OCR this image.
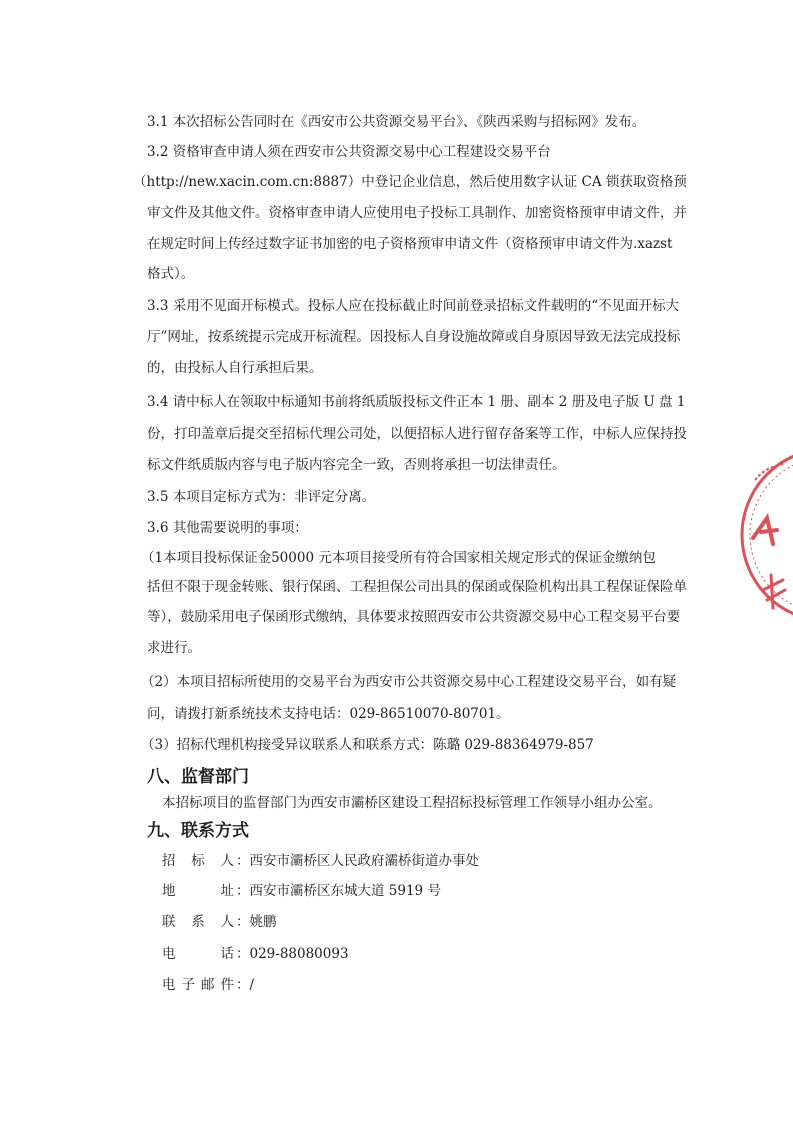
3.1 本次招标公告同时在《西安市公共资源交易平台》、《陕西采购与招标网》发布。

3.2 资格审查申请人须在西安市公共资源交易中心工程建设交易平台

（http://new.xacin.com.cn:8887）中登记企业信息，然后使用数字认证 CA 锁获取资格预

审文件及其他文件。资格审查申请人应使用电子投标工具制作、加密资格预审申请文件，并

在规定时间上传经过数字证书加密的电子资格预审申请文件（资格预审申请文件为.xazst

格式）。

3.3 采用不见面开标模式。投标人应在投标截止时间前登录招标文件载明的“不见面开标大

厅”网址，按系统提示完成开标流程。因投标人自身设施故障或自身原因导致无法完成投标

的，由投标人自行承担后果。

3.4 请中标人在领取中标通知书前将纸质版投标文件正本 1 册、副本 2 册及电子版 U 盘 1

份，打印盖章后提交至招标代理公司处，以便招标人进行留存备案等工作，中标人应保持投

标文件纸质版内容与电子版内容完全一致，否则将承担一切法律责任。

3.5 本项目定标方式为：非评定分离。

3.6 其他需要说明的事项：

（1本项目投标保证金50000 元本项目接受所有符合国家相关规定形式的保证金缴纳包

括但不限于现金转账、银行保函、工程担保公司出具的保函或保险机构出具工程保证保险单

等），鼓励采用电子保函形式缴纳，具体要求按照西安市公共资源交易中心工程交易平台要

求进行。

（2）本项目招标所使用的交易平台为西安市公共资源交易中心工程建设交易平台，如有疑

问，请拨打新系统技术支持电话：029-86510070-80701。

（3）招标代理机构接受异议联系人和联系方式：陈璐 029-88364979-857

八、监督部门

本招标项目的监督部门为西安市灞桥区建设工程招标投标管理工作领导小组办公室。

九、联系方式
招 标 人 ：西安市灞桥区人民政府灞桥街道办事处
地 址 ：西安市灞桥区东城大道 5919 号
联 系 人 ：姚鹏
电 话 ：029-88080093
电子邮件 ：/
